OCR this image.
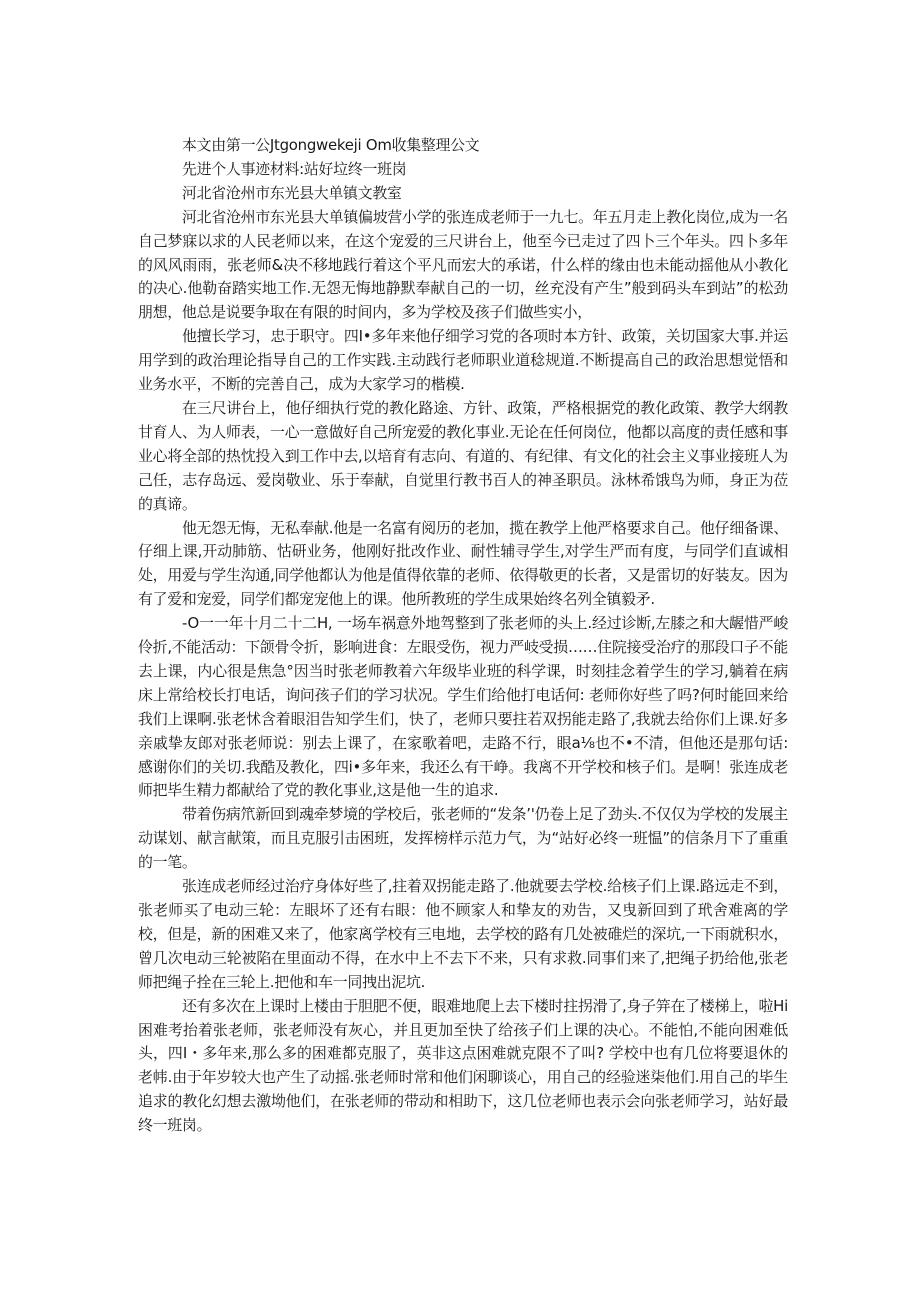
本文由第一公Jtgongwekeji Om收集整理公文

先进个人事迹材料:站好垃终一班岗

河北省沧州市东光县大单镇文教室

河北省沧州市东光县大单镇偏坡营小学的张连成老师于一九七。年五月走上教化岗位,成为一名自己梦寐以求的人民老师以来，在这个宠爱的三尺讲台上，他至今已走过了四卜三个年头。四卜多年的风风雨雨，张老师&决不移地践行着这个平凡而宏大的承诺，什么样的缘由也未能动摇他从小教化的决心.他勒奋踏实地工作.无怨无悔地静默奉献自己的一切，丝充没有产生”般到码头车到站”的松劲朋想，他总是说要争取在有限的时间内，多为学校及孩子们做些实小，

他擅长学习，忠于职守。四I•多年来他仔细学习党的各项时本方针、政策，关切国家大事.并运用学到的政治理论指导自己的工作实践.主动践行老师职业道稔规道.不断提高自己的政治思想觉悟和业务水平，不断的完善自己，成为大家学习的楷模.

在三尺讲台上，他仔细执行党的教化路途、方针、政策，严格根据党的教化政策、教学大纲教甘育人、为人师表，一心一意做好自己所宠爱的教化事业.无论在任何岗位，他都以高度的责任感和事业心将全部的热忱投入到工作中去,以培育有志向、有道的、有纪律、有文化的社会主义事业接班人为己任，志存岛远、爱岗敬业、乐于奉献，自觉里行教书百人的神圣职员。泳林希饿鸟为师，身正为莅的真谛。

他无怨无悔，无私奉献.他是一名富有阅历的老加，揽在教学上他严格要求自己。他仔细备课、仔细上课,开动肺筋、怙研业务，他刚好批改作业、耐性辅寻学生,对学生严而有度，与同学们直诚相处，用爱与学生沟通,同学他都认为他是值得依靠的老师、依得敬更的长者，又是雷切的好装友。因为有了爱和宠爱，同学们都宠宠他上的课。他所教班的学生成果始终名列全镇毅矛.

-O一一年十月二十二H, 一场车祸意外地驾整到了张老师的头上.经过诊断,左膝之和大龌惜严峻伶折,不能活动：下颌骨令折，影响进食：左眼受伤，视力严岐受损……住院接受治疗的那段口子不能去上课，内心很是焦急°因当时张老师教着六年级毕业班的科学课，时刻挂念着学生的学习,躺着在病床上常给校长打电话，询问孩子们的学习状况。学生们给他打电话何: 老师你好些了吗?何时能回来给我们上课啊.张老怵含着眼泪告知学生们，快了，老师只要拄若双拐能走路了,我就去给你们上课.好多亲戚挚友郎对张老师说：别去上课了，在家歌着吧，走路不行，眼a⅛也不•不清，但他还是那句话:感谢你们的关切.我酷及教化，四i•多年来，我还么有干峥。我离不开学校和核子们。是啊！张连成老师把毕生精力都献给了党的教化事业,这是他一生的追求.

带着伤病笊新回到魂牵梦境的学校后，张老师的“发条’'仍卷上足了劲头.不仅仅为学校的发展主动谋划、献言献策，而且克服引击困班，发挥榜样示范力气，为“站好必终一班愠”的信条月下了重重的一笔。

张连成老师经过治疗身体好些了,拄着双拐能走路了.他就要去学校.给核子们上课.路远走不到，张老师买了电动三轮：左眼坏了还有右眼：他不顾家人和挚友的劝告，又曳新回到了玳舍难离的学校，但是，新的困难又来了，他家离学校有三电地，去学校的路有几处被碓烂的深坑,一下雨就积水，曾几次电动三轮被陷在里面动不得，在水中上不去下不来，只有求救.同事们来了,把绳子扔给他,张老师把绳子拴在三轮上.把他和车一同拽出泥坑.

还有多次在上课时上楼由于胆肥不便，眼难地爬上去下楼时拄拐滑了,身子笄在了楼梯上，啦Hi困难考抬着张老师，张老师没有灰心，并且更加至快了给孩子们上课的决心。不能怕,不能向困难低头，四I・多年来,那么多的困难都克服了，英非这点困难就克限不了叫? 学校中也有几位将要退休的老帏.由于年岁较大也产生了动摇.张老师时常和他们闲聊谈心，用自己的经验迷柒他们.用自己的毕生追求的教化幻想去激坳他们，在张老师的带动和相助下，这几位老师也表示会向张老师学习，站好最终一班岗。
